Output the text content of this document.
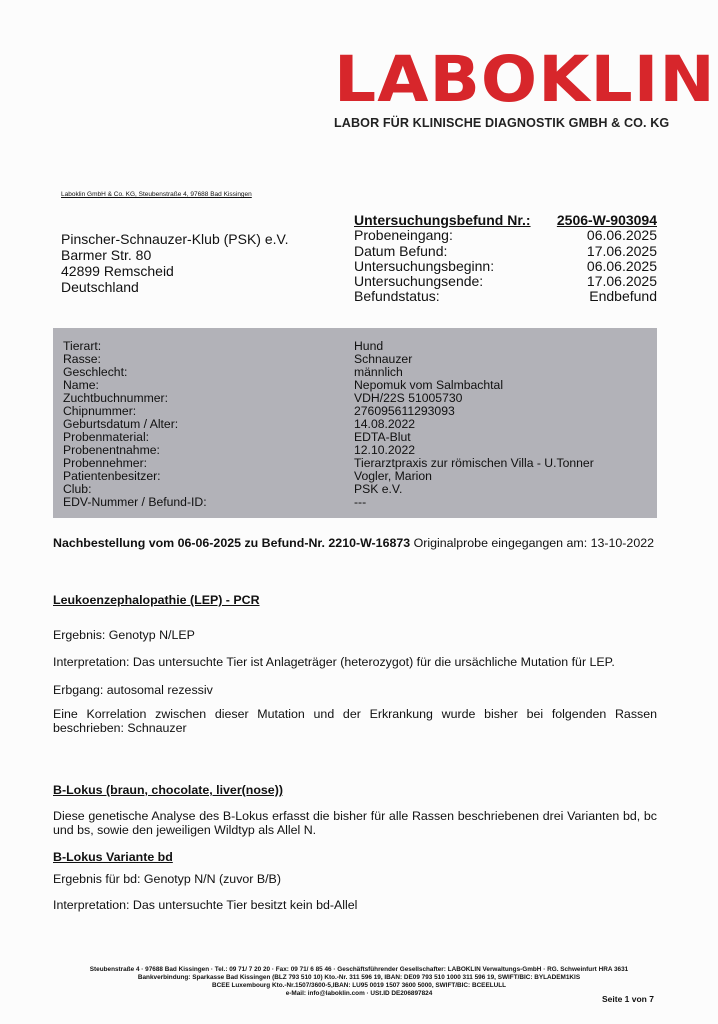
LABOKLIN
LABOR FÜR KLINISCHE DIAGNOSTIK GMBH & CO. KG
Laboklin GmbH & Co. KG, Steubenstraße 4, 97688 Bad Kissingen
Pinscher-Schnauzer-Klub (PSK) e.V.
Barmer Str. 80
42899 Remscheid
Deutschland
Untersuchungsbefund Nr.: 2506-W-903094
Probeneingang:	06.06.2025
Datum Befund:	17.06.2025
Untersuchungsbeginn:	06.06.2025
Untersuchungsende:	17.06.2025
Befundstatus:	Endbefund
Tierart:	Hund
Rasse:	Schnauzer
Geschlecht:	männlich
Name:	Nepomuk vom Salmbachtal
Zuchtbuchnummer:	VDH/22S 51005730
Chipnummer:	276095611293093
Geburtsdatum / Alter:	14.08.2022
Probenmaterial:	EDTA-Blut
Probenentnahme:	12.10.2022
Probennehmer:	Tierarztpraxis zur römischen Villa - U.Tonner
Patientenbesitzer:	Vogler, Marion
Club:	PSK e.V.
EDV-Nummer / Befund-ID:	---
Nachbestellung vom 06-06-2025 zu Befund-Nr. 2210-W-16873 Originalprobe eingegangen am: 13-10-2022
Leukoenzephalopathie (LEP) - PCR
Ergebnis: Genotyp N/LEP
Interpretation: Das untersuchte Tier ist Anlageträger (heterozygot) für die ursächliche Mutation für LEP.
Erbgang: autosomal rezessiv
Eine Korrelation zwischen dieser Mutation und der Erkrankung wurde bisher bei folgenden Rassen beschrieben: Schnauzer
B-Lokus (braun, chocolate, liver(nose))
Diese genetische Analyse des B-Lokus erfasst die bisher für alle Rassen beschriebenen drei Varianten bd, bc und bs, sowie den jeweiligen Wildtyp als Allel N.
B-Lokus Variante bd
Ergebnis für bd: Genotyp N/N (zuvor B/B)
Interpretation: Das untersuchte Tier besitzt kein bd-Allel
Steubenstraße 4 · 97688 Bad Kissingen · Tel.: 09 71/ 7 20 20 · Fax: 09 71/ 6 85 46 · Geschäftsführender Gesellschafter: LABOKLIN Verwaltungs-GmbH · RG. Schweinfurt HRA 3631
Bankverbindung: Sparkasse Bad Kissingen (BLZ 793 510 10) Kto.-Nr. 311 596 19, IBAN: DE09 793 510 1000 311 596 19, SWIFT/BIC: BYLADEM1KIS
BCEE Luxembourg Kto.-Nr.1507/3600-5,IBAN: LU95 0019 1507 3600 5000, SWIFT/BIC: BCEELULL
e-Mail: info@laboklin.com · USt.ID DE206897824
Seite 1 von 7
